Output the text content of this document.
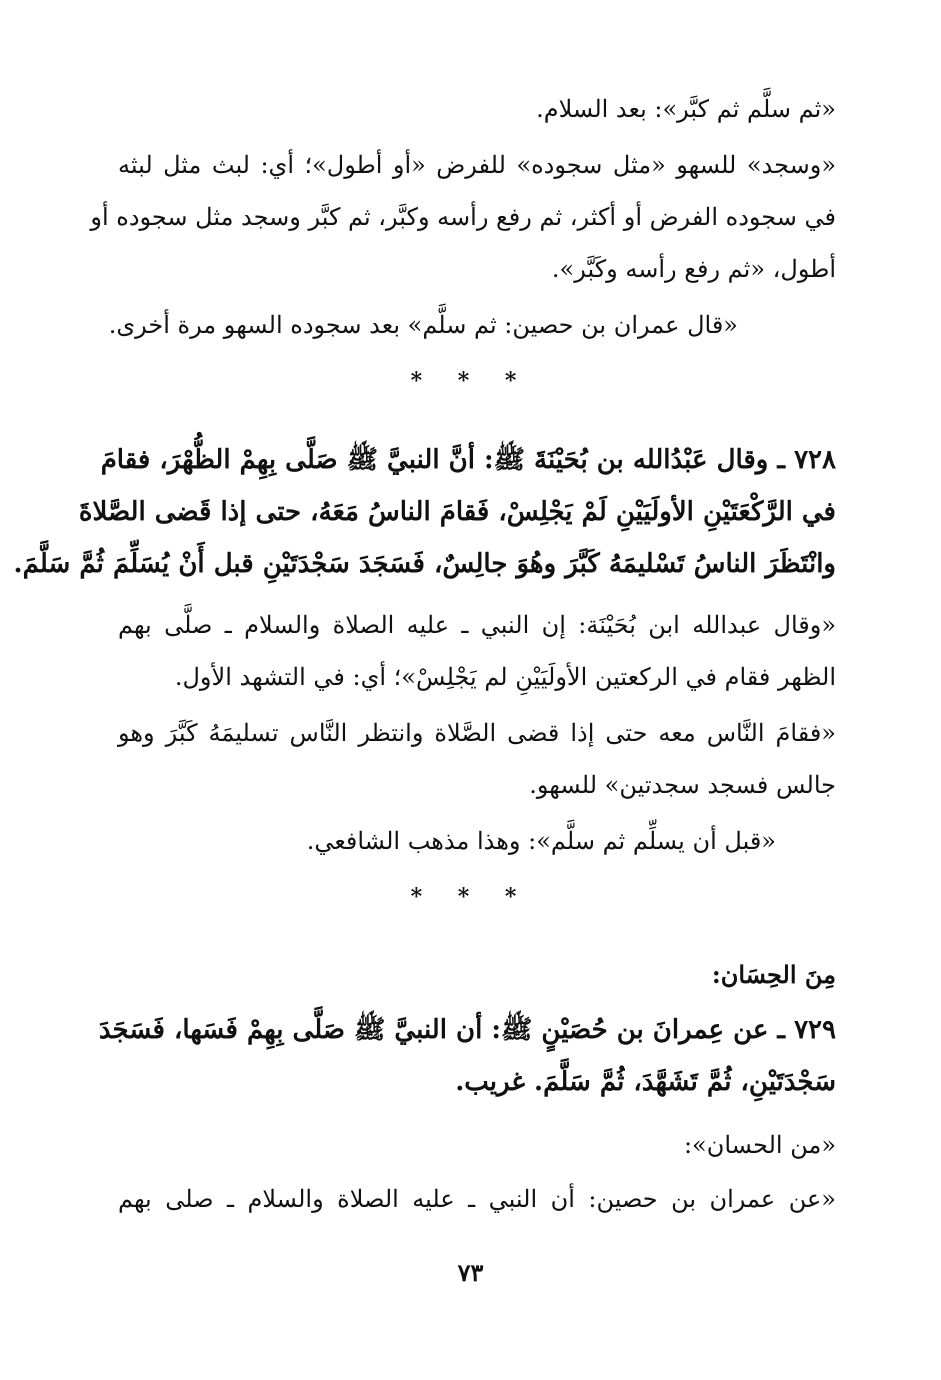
«ثم سلَّم ثم كبَّر»: بعد السلام.
«وسجد» للسهو «مثل سجوده» للفرض «أو أطول»؛ أي: لبث مثل لبثه
في سجوده الفرض أو أكثر، ثم رفع رأسه وكبَّر، ثم كبَّر وسجد مثل سجوده أو
أطول، «ثم رفع رأسه وكَبَّر».
«قال عمران بن حصين: ثم سلَّم» بعد سجوده السهو مرة أخرى.
* * *
٧٢٨ ـ وقال عَبْدُالله بن بُحَيْنَةَ ﷺ: أنَّ النبيَّ ﷺ صَلَّى بِهِمْ الظُّهْرَ، فقامَ
في الرَّكْعَتَيْنِ الأولَيَيْنِ لَمْ يَجْلِسْ، فَقامَ الناسُ مَعَهُ، حتى إذا قَضى الصَّلاةَ
وانْتَظَرَ الناسُ تَسْليمَهُ كَبَّرَ وهُوَ جالِسٌ، فَسَجَدَ سَجْدَتَيْنِ قبل أَنْ يُسَلِّمَ ثُمَّ سَلَّمَ.
«وقال عبدالله ابن بُحَيْنَة: إن النبي ـ عليه الصلاة والسلام ـ صلَّى بهم
الظهر فقام في الركعتين الأولَيَيْنِ لم يَجْلِسْ»؛ أي: في التشهد الأول.
«فقامَ النَّاس معه حتى إذا قضى الصَّلاة وانتظر النَّاس تسليمَهُ كَبَّرَ وهو
جالس فسجد سجدتين» للسهو.
«قبل أن يسلِّم ثم سلَّم»: وهذا مذهب الشافعي.
* * *
مِنَ الحِسَان:
٧٢٩ ـ عن عِمرانَ بن حُصَيْنٍ ﷺ: أن النبيَّ ﷺ صَلَّى بِهِمْ فَسَها، فَسَجَدَ
سَجْدَتَيْنِ، ثُمَّ تَشَهَّدَ، ثُمَّ سَلَّمَ. غريب.
«من الحسان»:
«عن عمران بن حصين: أن النبي ـ عليه الصلاة والسلام ـ صلى بهم
٧٣
